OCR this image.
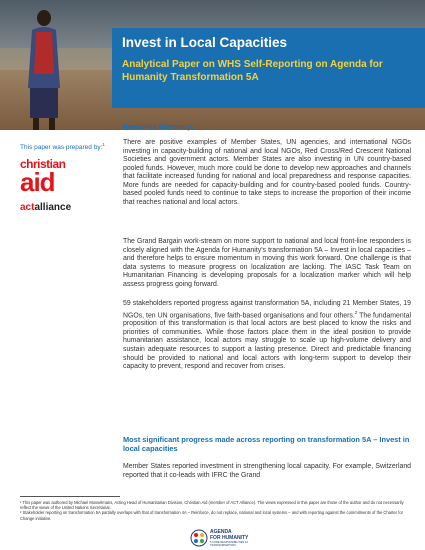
Invest in Local Capacities
Analytical Paper on WHS Self-Reporting on Agenda for Humanity Transformation 5A
This paper was prepared by:$^1$
christian
aid
actalliance
Executive Summary:

There are positive examples of Member States, UN agencies, and international NGOs investing in capacity-building of national and local NGOs, Red Cross/Red Crescent National Societies and government actors. Member States are also investing in UN country-based pooled funds. However, much more could be done to develop new approaches and channels that facilitate increased funding for national and local preparedness and response capacities. More funds are needed for capacity-building and for country-based pooled funds. Country-based pooled funds need to continue to take steps to increase the proportion of their income that reaches national and local actors.

The Grand Bargain work-stream on more support to national and local front-line responders is closely aligned with the Agenda for Humanity’s transformation 5A – Invest in local capacities – and therefore helps to ensure momentum in moving this work forward. One challenge is that data systems to measure progress on localization are lacking. The IASC Task Team on Humanitarian Financing is developing proposals for a localization marker which will help assess progress going forward.

59 stakeholders reported progress against transformation 5A, including 21 Member States, 19 NGOs, ten UN organisations, five faith-based organisations and four others.$^2$ The fundamental proposition of this transformation is that local actors are best placed to know the risks and priorities of communities. While those factors place them in the ideal position to provide humanitarian assistance, local actors may struggle to scale up high-volume delivery and sustain adequate resources to support a lasting presence. Direct and predictable financing should be provided to national and local actors with long-term support to develop their capacity to prevent, respond and recover from crises.

Most significant progress made across reporting on transformation 5A – Invest in local capacities

Member States reported investment in strengthening local capacity. For example, Switzerland reported that it co-leads with IFRC the Grand

¹ This paper was authored by Michael Mosselmans, Acting Head of Humanitarian Division, Christian Aid (member of ACT Alliance). The views expressed in this paper are those of the author and do not necessarily reflect the views of the United Nations Secretariat.
² Stakeholder reporting on transformation 5A partially overlaps with that of transformation 4A – Reinforce, do not replace, national and local systems – and with reporting against the commitments of the Charter for Change initiative.
AGENDA
FOR HUMANITY
5 CORE RESPONSIBILITIES 24 TRANSFORMATIONS
